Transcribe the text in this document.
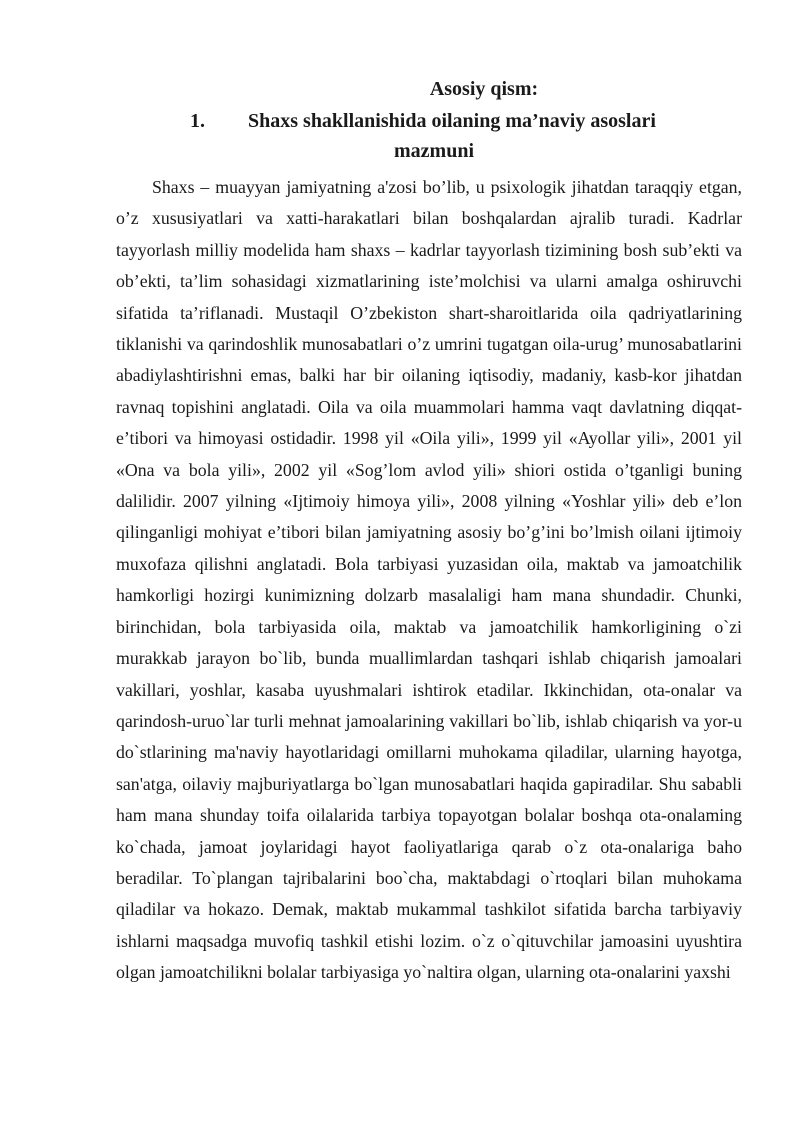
Asosiy qism:
1.	Shaxs shakllanishida oilaning ma’naviy asoslari
mazmuni

Shaxs – muayyan jamiyatning a'zosi bo’lib, u psixologik jihatdan taraqqiy etgan, o’z xususiyatlari va xatti-harakatlari bilan boshqalardan ajralib turadi. Kadrlar tayyorlash milliy modelida ham shaxs – kadrlar tayyorlash tizimining bosh sub’ekti va ob’ekti, ta’lim sohasidagi xizmatlarining iste’molchisi va ularni amalga oshiruvchi sifatida ta’riflanadi. Mustaqil O’zbekiston shart-sharoitlarida oila qadriyatlarining tiklanishi va qarindoshlik munosabatlari o’z umrini tugatgan oila-urug’ munosabatlarini abadiylashtirishni emas, balki har bir oilaning iqtisodiy, madaniy, kasb-kor jihatdan ravnaq topishini anglatadi. Oila va oila muammolari hamma vaqt davlatning diqqat-e’tibori va himoyasi ostidadir. 1998 yil «Oila yili», 1999 yil «Ayollar yili», 2001 yil «Ona va bola yili», 2002 yil «Sog’lom avlod yili» shiori ostida o’tganligi buning dalilidir. 2007 yilning «Ijtimoiy himoya yili», 2008 yilning «Yoshlar yili» deb e’lon qilinganligi mohiyat e’tibori bilan jamiyatning asosiy bo’g’ini bo’lmish oilani ijtimoiy muxofaza qilishni anglatadi. Bola tarbiyasi yuzasidan oila, maktab va jamoatchilik hamkorligi hozirgi kunimizning dolzarb masalaligi ham mana shundadir. Chunki, birinchidan, bola tarbiyasida oila, maktab va jamoatchilik hamkorligining o`zi murakkab jarayon bo`lib, bunda muallimlardan tashqari ishlab chiqarish jamoalari vakillari, yoshlar, kasaba uyushmalari ishtirok etadilar. Ikkinchidan, ota-onalar va qarindosh-uruo`lar turli mehnat jamoalarining vakillari bo`lib, ishlab chiqarish va yor-u do`stlarining ma'naviy hayotlaridagi omillarni muhokama qiladilar, ularning hayotga, san'atga, oilaviy majburiyatlarga bo`lgan munosabatlari haqida gapiradilar. Shu sababli ham mana shunday toifa oilalarida tarbiya topayotgan bolalar boshqa ota-onalaming ko`chada, jamoat joylaridagi hayot faoliyatlariga qarab o`z ota-onalariga baho beradilar. To`plangan tajribalarini boo`cha, maktabdagi o`rtoqlari bilan muhokama qiladilar va hokazo. Demak, maktab mukammal tashkilot sifatida barcha tarbiyaviy ishlarni maqsadga muvofiq tashkil etishi lozim. o`z o`qituvchilar jamoasini uyushtira olgan jamoatchilikni bolalar tarbiyasiga yo`naltira olgan, ularning ota-onalarini yaxshi
